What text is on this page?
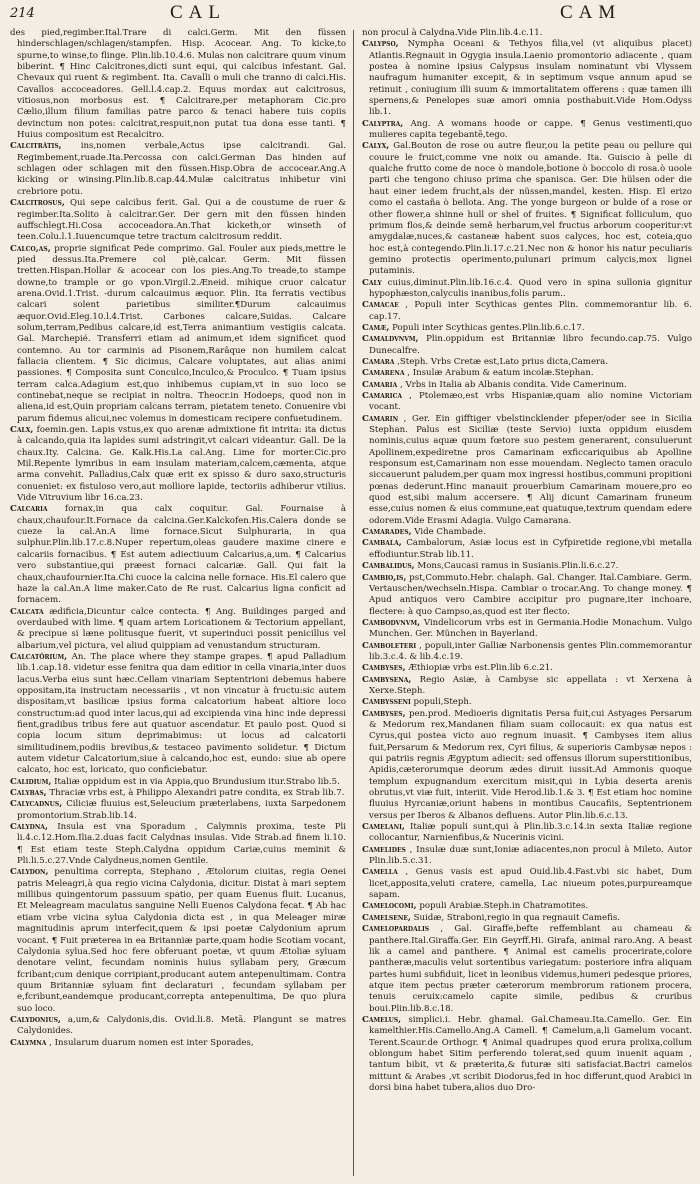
214	CAL	CAM
des pied,regimber.Ital.Trare di calci.Germ. Mit den füssen hinderschlagen/schlagen/stampfen. Hisp. Acocear. Ang. To kicke,to spurne,to winse,to flinge. Plin.lib.10.4.6. Mulas non calcitrare quum vinum biberint. ¶ Hinc Calcitrones,dicti sunt equi, qui calcibus infestant. Gal. Chevaux qui ruent & regimbent. Ita. Cavalli o muli che tranno di calci.His. Cavallos accoceadores. Gell.l.4.cap.2. Equus mordax aut calcitrosus, vitiosus,non morbosus est. ¶ Calcitrare,per metaphoram Cic.pro Cælio,illum filium familias patre parco & tenaci habere tuis copiis devinctum non potes: calcitrat,respuit,non putat tua dona esse tanti. ¶ Huius compositum est Recalcitro.
Calcitrâtis, ins,nomen verbale,Actus ipse calcitrandi. Gal. Regimbement,ruade.Ita.Percossa con calci.German Das hinden auf schlagen oder schlagen mit den füssen.Hisp.Obra de accocear.Ang.A kicking or winsing.Plin.lib.8.cap.44.Mulæ calcitratus inhibetur vini crebriore potu.
Calcitrosus, Qui sepe calcibus ferit. Gal. Qui a de coustume de ruer & regimber.Ita.Solito à calcitrar.Ger. Der gern mit den füssen hinden auffschlegt.Hi.Cosa accoceadora.An.That kicketh,or winseth of teen.Colu.l.1.Iuuencumque tetre tractum calcitrosum reddit.
Calco,as, proprie significat Pede comprimo. Gal. Fouler aux pieds,mettre le pied dessus.Ita.Premere col piè,calcar. Germ. Mit füssen tretten.Hispan.Hollar & acocear con los pies.Ang.To treade,to stampe downe,to trample or go vpon.Virgil.2.Æneid. mihique cruor calcatur arena.Ovid.1.Trist. -durum calcauimus æquor. Plin. Ita ferratis vectibus calcari solent parietibus similiter.¶Durum calcauimus æquor.Ovid.Eleg.10.l.4.Trist. Carbones calcare,Suidas. Calcare solum,terram,Pedibus calcare,id est,Terra animantium vestigiis calcata. Gal. Marchepié. Transferri etiam ad animum,et idem significet quod contemno. Au tor carminis ad Pisonem,Rarâque non humilem calcat fallacia clientem. ¶ Sic dicimus, Calcare voluptates, aut alias animi passiones. ¶ Composita sunt Conculco,Inculco,& Proculco. ¶ Tuam ipsius terram calca.Adagium est,quo inhibemus cupiam,vt in suo loco se continebat,neque se recipiat in noltra. Theocr.in Hodoeps, quod non in aliena,id est,Quin propriam calcans terram, pietatem teneto. Conuenire vbi parum fidemus alicui,nec volemus in domesticam recipere confuetudinem.
Calx, foemin.gen. Lapis vstus,ex quo arenæ admixtione fit intrita: ita dictus à calcando,quia ita lapides sumi adstringit,vt calcari videantur. Gall. De la chaux.Ity. Calcina. Ge. Kalk.His.La cal.Ang. Lime for morter.Cic.pro Mil.Repente lymribus in eam insulam materiam,calcem,cæmenta, atque arma convehit. Palladius,Calx quæ erit ex spisso & duro saxo,structuris conueniet: ex fistuloso vero,aut molliore lapide, tectoriis adhiberur vtilius. Vide Vitruvium libr 16.ca.23.
Calcaria fornax,in qua calx coquitur. Gal. Fournaise à chaux,chaufour.It.Fornace da calcina.Ger.Kalckofen.His.Calera donde se cueze la cal.An.A lime fornace.Sicut Sulphuraria, in qua sulphur.Plin.lib.17.c.8.Nuper repertum,oleas gaudere maxime cinere e calcariis fornacibus. ¶ Est autem adiectiuum Calcarius,a,um. ¶ Calcarius vero substantiue,qui præest fornaci calcariæ. Gall. Qui fait la chaux,chaufournier.Ita.Chi cuoce la calcina nelle fornace. His.El calero que haze la cal.An.A lime maker.Cato de Re rust. Calcarius ligna conficit ad fornacem.
Calcata ædificia,Dicuntur calce contecta. ¶ Ang. Buildinges parged and overdaubed with lime. ¶ quam artem Loricationem & Tectorium appellant, & precipue si læne politusque fuerit, vt superinduci possit penicillus vel albarium,vel pictura, vel aliud quippiam ad venustandum structuram.
Calcatôrium, An. The place where they stampe grapes. ¶ apud Palladium lib.1.cap.18. videtur esse fenitra qua dam editior in cella vinaria,inter duos lacus.Verba eius sunt hæc.Cellam vinariam Septentrioni debemus habere oppositam,ita instructam necessariis , vt non vincatur à fructu:sic autem dispositam,vt basilicæ ipsius forma calcatorium habeat altiore loco constructum:ad quod inter lacus,qui ad excipienda vina hinc inde depressi fient,gradibus tribus fere aut quatuor ascendatur. Et paulo post. Quod si copia locum situm deprimabimus: ut locus ad calcatorii similitudinem,podiis brevibus,& testaceo pavimento solidetur. ¶ Dictum autem videtur Calcatorium,siue à calcando,hoc est, eundo: siue ab opere calcato, hoc est, loricato, quo conficiebatur.
Calidium, Italiæ oppidum est in via Appia,quo Brundusium itur.Strabo lib.5.
Calybas, Thraciæ vrbs est, à Philippo Alexandri patre condita, ex Strab lib.7.
Calycadnus, Ciliciæ fluuius est,Seleucium præterlabens, iuxta Sarpedonem promontorium.Strab.lib.14.
Calydna, Insula est vna Sporadum , Calymnis proxima, teste Pli li.4.c.12.Hom.Ilia.2.duas facit Calydnas insulas. Vide Strab.ad finem li.10. ¶ Est etiam teste Steph.Calydna oppidum Cariæ,cuius meminit & Pli.li.5.c.27.Vnde Calydneus,nomen Gentile.
Calydon, penultima correpta, Stephano , Ætolorum ciuitas, regia Oenei patris Meleagri,à qua regio vicina Calydonia, dicitur. Distat à mari septem millibus quingentorum passuum spatio, per quam Euenus fluit. Lucanus, Et Meleagream maculatus sanguine Nelli Euenos Calydona fecat. ¶ Ab hac etiam vrbe vicina sylua Calydonia dicta est , in qua Meleager miræ magnitudinis aprum interfecit,quem & ipsi poetæ Calydonium aprum vocant. ¶ Fuit præterea in ea Britanniæ parte,quam hodie Scotiam vocant, Calydonia sylua.Sed hoc fere obferuant poetæ, vt quum Ætoliæ syluam denotare velint, fecundam nominis huius syllabam pery, Græcum fcribant;cum denique corripiant,producant autem antepenultimam. Contra quum Britanniæ syluam fint declaraturi , fecundam syllabam per e,fcribunt,eandemque producant,correpta antepenultima, De quo plura suo loco.
Calydonius, a,um,& Calydonis,dis. Ovid.li.8. Metā. Plangunt se matres Calydonides.
Calymna , Insularum duarum nomen est inter Sporades,
non procul à Calydna.Vide Plin.lib.4.c.11.
Calypso, Nympha Oceani & Tethyos filia,vel (vt aliquibus placet) Atlantis.Regnauit in Ogygia insula.Laenio promontorio adiacente , quam postea à nomine ipsius Calypsus insulam nominatunt vbi Vlyssem naufragum humaniter excepit, & in septimum vsque annum apud se retinuit , coniugium illi suum & immortalitatem offerens : quæ tamen illi spernens,& Penelopes suæ amori omnia posthabuit.Vide Hom.Odyss lib.1.
Calyptra, Ang. A womans hoode or cappe. ¶ Genus vestimenti,quo mulieres capita tegebantē,tego.
Calyx, Gal.Bouton de rose ou autre fleur,ou la petite peau ou pellure qui couure le fruict,comme vne noix ou amande. Ita. Guiscio à pelle di qualche frutto come de noce ò mandole,botione ò boccolo di rosa.ò uoole parti che tengono chiuso prima che spanisca. Ger. Die hülsen oder die haut einer iedem frucht,als der nüssen,mandel, kesten. Hisp. El erizo como el castaña ò bellota. Ang. The yonge burgeon or bulde of a rose or other flower,a shinne hull or shel of fruites. ¶ Significat folliculum, quo primum flos,& deinde semë herbarum,vel fructus arborum cooperitur:vt amygdalæ,nuces,& castaneæ habent suos calyces, hoc est, coteia,quo hoc est,à contegendo.Plin.li.17.c.21.Nec non & honor his natur peculiaris gemino protectis operimento,pulunari primum calycis,mox lignei putaminis.
Caly cuius,diminut.Plin.lib.16.c.4. Quod vero in spina sullonia gignitur hypophæston,calyculis inanibus,folis parum..
Camacae , Populi inter Scythicas gentes Plin. commemorantur lib. 6. cap.17.
Camæ, Populi inter Scythicas gentes.Plin.lib.6.c.17.
Camaldvnvm, Plin.oppidum est Britanniæ libro fecundo.cap.75. Vulgo Dunecalfre.
Camara ,Steph. Vrbs Cretæ est,Lato prius dicta,Camera.
Camarena , Insulæ Arabum & eatum incolæ.Stephan.
Camaria , Vrbs in Italia ab Albanis condita. Vide Camerinum.
Camarica , Ptolemæo,est vrbs Hispaniæ,quam alio nomine Victoriam vocant.
Camarin , Ger. Ein gifftiger vbelstincklender pfeper/oder see in Sicilia Stephan. Palus est Siciliæ (teste Servio) iuxta oppidum eiusdem nominis,cuius aquæ quum fœtore suo pestem generarent, consuluerunt Apollinem,expediretne pros Camarinam exficcariquibus ab Apolline responsum est,Camarinam non esse mouendam. Neglecto tamen oraculo siccauerunt paludem,per quam mox ingressi hostibus,communi propitioni pœnas dederunt.Hinc manauit prouerbium Camarinam mouere,pro eo quod est,sibi malum accersere. ¶ Alij dicunt Camarinam fruneum esse,cuius nomen & eius commune,eat quatuque,textrum quendam edere odorem.Vide Erasmi Adagia. Vulgo Camarana.
Camarades, Vide Chambade.
Cambala, Cambalorum, Asiæ locus est in Cyfpiretide regione,vbi metalla effodiuntur.Strab lib.11.
Cambalidus, Mons,Caucasi ramus in Susianis.Plin.li.6.c.27.
Cambio,is, pst,Commuto.Hebr. chalaph. Gal. Changer. Ital.Cambiare. Germ. Vertauschen/wechseln.Hispa. Cambiar o trocar.Ang. To change money. ¶ Apud antiquos vero Cambire accipitur pro pugnare,iter inchoare, flectere: à quo Campso,as,quod est iter flecto.
Cambodvnvm, Vindelicorum vrbs est in Germania.Hodie Monachum. Vulgo Munchen. Ger. München in Bayerland.
Camboleteri , populi,inter Galliæ Narbonensis gentes Plin.commemorantur lib.3.c.4. & lib.4.c.19.
Cambyses, Æthiopiæ vrbs est.Plin.lib 6.c.21.
Cambysena, Regio Asiæ, à Cambyse sic appellata : vt Xerxena à Xerxe.Steph.
Cambysseni populi,Steph.
Cambyses, pen.prod. Medioeris dignitatis Persa fuit,cui Astyages Persarum & Medorum rex,Mandanen filiam suam collocauit: ex qua natus est Cyrus,qui postea victo auo regnum inuasit. ¶ Cambyses item alius fuit,Persarum & Medorum rex, Cyri filius, & superioris Cambysæ nepos : qui patriis regnis Ægyptum adiecit: sed offensus illorum superstitionibus, Apidis,cæterorumque deorum ædes diruit iussit.Ad Ammonis quoque templum expugnandum exercitum misit,qui in Lybia deserta arenis obrutus,vt viæ fuit, interiit. Vide Herod.lib.1.& 3. ¶ Est etiam hoc nomine fluuius Hyrcaniæ,oriunt habens in montibus Caucafiis, Septentrionem versus per Iberos & Albanos defluens. Autor Plin.lib.6.c.13.
Camelani, Italiæ populi sunt,qui à Plin.lib.3.c.14.in sexta Italiæ regione collocantur, Narnienfibus,& Nucerinis vicini.
Camelides , Insulæ duæ sunt,Ioniæ adiacentes,non procul à Mileto. Autor Plin.lib.5.c.31.
Camella , Genus vasis est apud Ouid.lib.4.Fast.vbi sic habet, Dum licet,apposita,veluti cratere, camella, Lac niueum potes,purpureamque sapam.
Camelocomi, populi Arabiæ.Steph.in Chatramotites.
Camelsene, Suidæ, Straboni,regio in qua regnauit Camefis.
Camelopardalis , Gal. Giraffe,befte reffemblant au chameau & panthere.Ital.Giraffa.Ger. Ein Geyrff.Hi. Girafa, animal raro.Ang. A beast lik a camel and panthere. ¶ Animal est camelis procerirate,colore pantheræ,maculis velut sortentibus variegatum: posteriore infra aliquam partes humi subfiduit, licet in leonibus videmus,humeri pedesque priores, atque item pectus præter cæterorum membrorum rationem procera, tenuis ceruix:camelo capite simile, pedibus & cruribus boui.Plin.lib.8.c.18.
Camelus, simplici.i. Hebr. ghamal. Gal.Chameau.Ita.Camello. Ger. Ein kamelthier.His.Camello.Ang.A Camell. ¶ Camelum,a,li Gamelum vocant. Terent.Scaur.de Orthogr. ¶ Animal quadrupes quod erura prolixa,collum oblongum habet Sitim perferendo tolerat,sed quum inuenit aquam , tantum bibit, vt & præterita,& futuræ siti satisfaciat.Bactri camelos mittunt & Arabes ,vt scribit Diodorus,fed in hoc differunt,quod Arabici in dorsi bina habet tubera,alios duo Dro-
